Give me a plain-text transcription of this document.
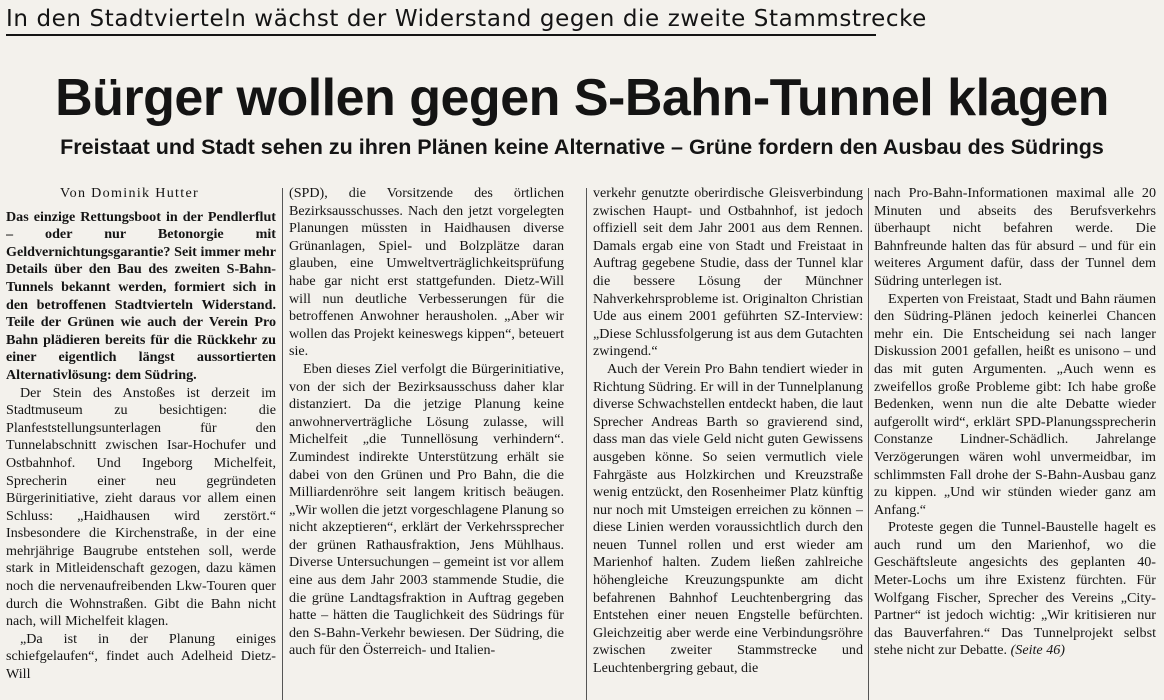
In den Stadtvierteln wächst der Widerstand gegen die zweite Stammstrecke
Bürger wollen gegen S-Bahn-Tunnel klagen
Freistaat und Stadt sehen zu ihren Plänen keine Alternative – Grüne fordern den Ausbau des Südrings
Von Dominik Hutter

Das einzige Rettungsboot in der Pendlerflut – oder nur Betonorgie mit Geldvernichtungsgarantie? Seit immer mehr Details über den Bau des zweiten S-Bahn-Tunnels bekannt werden, formiert sich in den betroffenen Stadtvierteln Widerstand. Teile der Grünen wie auch der Verein Pro Bahn plädieren bereits für die Rückkehr zu einer eigentlich längst aussortierten Alternativlösung: dem Südring.

Der Stein des Anstoßes ist derzeit im Stadtmuseum zu besichtigen: die Planfeststellungsunterlagen für den Tunnelabschnitt zwischen Isar-Hochufer und Ostbahnhof. Und Ingeborg Michelfeit, Sprecherin einer neu gegründeten Bürgerinitiative, zieht daraus vor allem einen Schluss: „Haidhausen wird zerstört.“ Insbesondere die Kirchenstraße, in der eine mehrjährige Baugrube entstehen soll, werde stark in Mitleidenschaft gezogen, dazu kämen noch die nervenaufreibenden Lkw-Touren quer durch die Wohnstraßen. Gibt die Bahn nicht nach, will Michelfeit klagen.

„Da ist in der Planung einiges schiefgelaufen“, findet auch Adelheid Dietz-Will

(SPD), die Vorsitzende des örtlichen Bezirksausschusses. Nach den jetzt vorgelegten Planungen müssten in Haidhausen diverse Grünanlagen, Spiel- und Bolzplätze daran glauben, eine Umweltverträglichkeitsprüfung habe gar nicht erst stattgefunden. Dietz-Will will nun deutliche Verbesserungen für die betroffenen Anwohner herausholen. „Aber wir wollen das Projekt keineswegs kippen“, beteuert sie.

Eben dieses Ziel verfolgt die Bürgerinitiative, von der sich der Bezirksausschuss daher klar distanziert. Da die jetzige Planung keine anwohnerverträgliche Lösung zulasse, will Michelfeit „die Tunnellösung verhindern“. Zumindest indirekte Unterstützung erhält sie dabei von den Grünen und Pro Bahn, die die Milliardenröhre seit langem kritisch beäugen. „Wir wollen die jetzt vorgeschlagene Planung so nicht akzeptieren“, erklärt der Verkehrssprecher der grünen Rathausfraktion, Jens Mühlhaus. Diverse Untersuchungen – gemeint ist vor allem eine aus dem Jahr 2003 stammende Studie, die die grüne Landtagsfraktion in Auftrag gegeben hatte – hätten die Tauglichkeit des Südrings für den S-Bahn-Verkehr bewiesen. Der Südring, die auch für den Österreich- und Italien-

verkehr genutzte oberirdische Gleisverbindung zwischen Haupt- und Ostbahnhof, ist jedoch offiziell seit dem Jahr 2001 aus dem Rennen. Damals ergab eine von Stadt und Freistaat in Auftrag gegebene Studie, dass der Tunnel klar die bessere Lösung der Münchner Nahverkehrsprobleme ist. Originalton Christian Ude aus einem 2001 geführten SZ-Interview: „Diese Schlussfolgerung ist aus dem Gutachten zwingend.“

Auch der Verein Pro Bahn tendiert wieder in Richtung Südring. Er will in der Tunnelplanung diverse Schwachstellen entdeckt haben, die laut Sprecher Andreas Barth so gravierend sind, dass man das viele Geld nicht guten Gewissens ausgeben könne. So seien vermutlich viele Fahrgäste aus Holzkirchen und Kreuzstraße wenig entzückt, den Rosenheimer Platz künftig nur noch mit Umsteigen erreichen zu können – diese Linien werden voraussichtlich durch den neuen Tunnel rollen und erst wieder am Marienhof halten. Zudem ließen zahlreiche höhengleiche Kreuzungspunkte am dicht befahrenen Bahnhof Leuchtenbergring das Entstehen einer neuen Engstelle befürchten. Gleichzeitig aber werde eine Verbindungsröhre zwischen zweiter Stammstrecke und Leuchtenbergring gebaut, die

nach Pro-Bahn-Informationen maximal alle 20 Minuten und abseits des Berufsverkehrs überhaupt nicht befahren werde. Die Bahnfreunde halten das für absurd – und für ein weiteres Argument dafür, dass der Tunnel dem Südring unterlegen ist.

Experten von Freistaat, Stadt und Bahn räumen den Südring-Plänen jedoch keinerlei Chancen mehr ein. Die Entscheidung sei nach langer Diskussion 2001 gefallen, heißt es unisono – und das mit guten Argumenten. „Auch wenn es zweifellos große Probleme gibt: Ich habe große Bedenken, wenn nun die alte Debatte wieder aufgerollt wird“, erklärt SPD-Planungssprecherin Constanze Lindner-Schädlich. Jahrelange Verzögerungen wären wohl unvermeidbar, im schlimmsten Fall drohe der S-Bahn-Ausbau ganz zu kippen. „Und wir stünden wieder ganz am Anfang.“

Proteste gegen die Tunnel-Baustelle hagelt es auch rund um den Marienhof, wo die Geschäftsleute angesichts des geplanten 40-Meter-Lochs um ihre Existenz fürchten. Für Wolfgang Fischer, Sprecher des Vereins „City-Partner“ ist jedoch wichtig: „Wir kritisieren nur das Bauverfahren.“ Das Tunnelprojekt selbst stehe nicht zur Debatte. (Seite 46)
